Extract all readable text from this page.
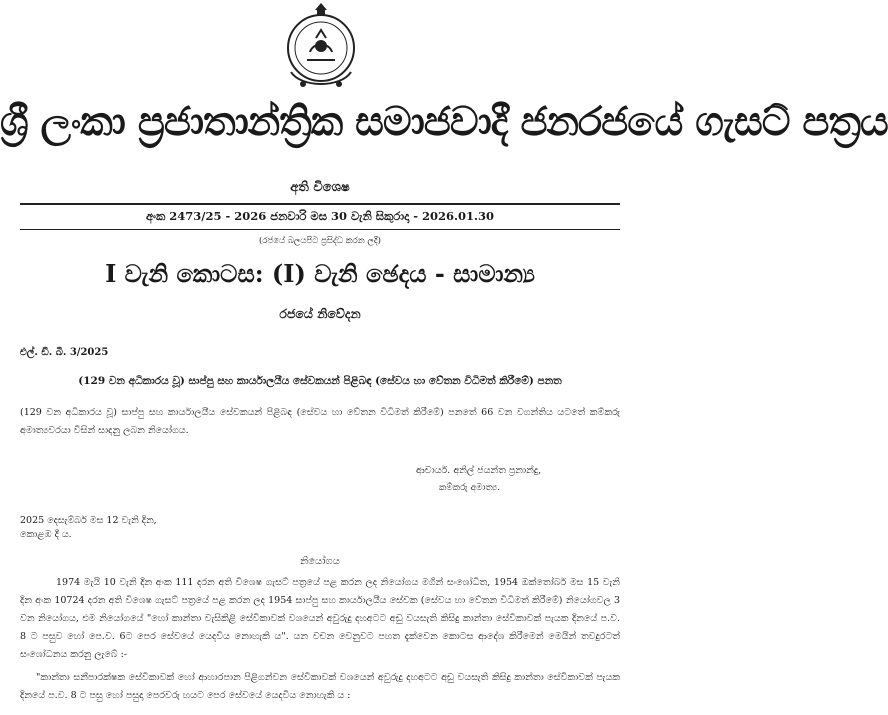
ශ්‍රී ලංකා ප්‍රජාතාන්ත්‍රික සමාජවාදී ජනරජයේ ගැසට් පත්‍රය
අති විශෙෂ
අංක 2473/25 - 2026 ජනවාරි මස 30 වැනි සිකුරාදා - 2026.01.30
(රජයේ බලයපිට ප්‍රසිද්ධ කරන ලදී)
I වැනි කොටස: (I) වැනි ඡෙදය - සාමාන්‍ය
රජයේ නිවේදන
එල්. ඩී. බී. 3/2025
(129 වන අධිකාරය වූ) සාප්පු සහ කාර්යාලයීය සේවකයන් පිළිබඳ (සේවය හා වේතන විධිමත් කිරීමේ) පනත
(129 වන අධිකාරය වූ) සාප්පු සහ කාර්යාලයීය සේවකයන් පිළිබඳ (සේවය හා වේතන විධිමත් කිරීමේ) පනතේ 66 වන වගන්තිය යටතේ කම්කරු අමාත්‍යවරයා විසින් සාදනු ලබන නියෝගය.
ආචාර්ය. අනිල් ජයන්ත ප්‍රනාන්දු,
කම්කරු අමාත්‍ය.
2025 දෙසැම්බර් මස 12 වැනි දින,
කොළඹ දී ය.
නියෝගය
1974 මැයි 10 වැනි දින අංක 111 දරන අති විශෙෂ ගැසට් පත්‍රයේ පළ කරන ලද නියෝගය මගින් සංශෝධිත, 1954 ඔක්තෝබර් මස 15 වැනි දින අංක 10724 දරන අති විශෙෂ ගැසට් පත්‍රයේ පළ කරන ලද 1954 සාප්පු සහ කාර්යාලයීය සේවක (සේවය හා වේතන විධිමත් කිරීමේ) නියෝගවල 3 වන නියෝගය, එම නියෝගයේ "හෝ කාන්තා වැසිකිළි සේවිකාවක් වශයෙන් අවුරුදු දහඅටට අඩු වයසැති කිසිදු කාන්තා සේවිකාවක් පැයක දිනයේ ප.ව. 8 ට පසුව හෝ පෙ.ව. 6ට පෙර සේවයේ යෙදවිය නොහැකි ය". යන වචන වෙනුවට පහත දැක්වෙන කොටස ආදේශ කිරීමෙන් මෙයින් තවදුරටත් සංශෝධනය කරනු ලැබේ :-
"කාන්තා සනීපාරක්ෂක සේවිකාවක් හෝ ආහාරපාන පිළිගන්වන සේවිකාවක් වශයෙන් අවුරුදු දහඅටට අඩු වයසැති කිසිදු කාන්තා සේවිකාවක් පැයක දිනයේ ප.ව. 8 ට පසු හෝ පසුදා පෙරවරු හයට පෙර සේවයේ යෙදවිය නොහැකි ය :
